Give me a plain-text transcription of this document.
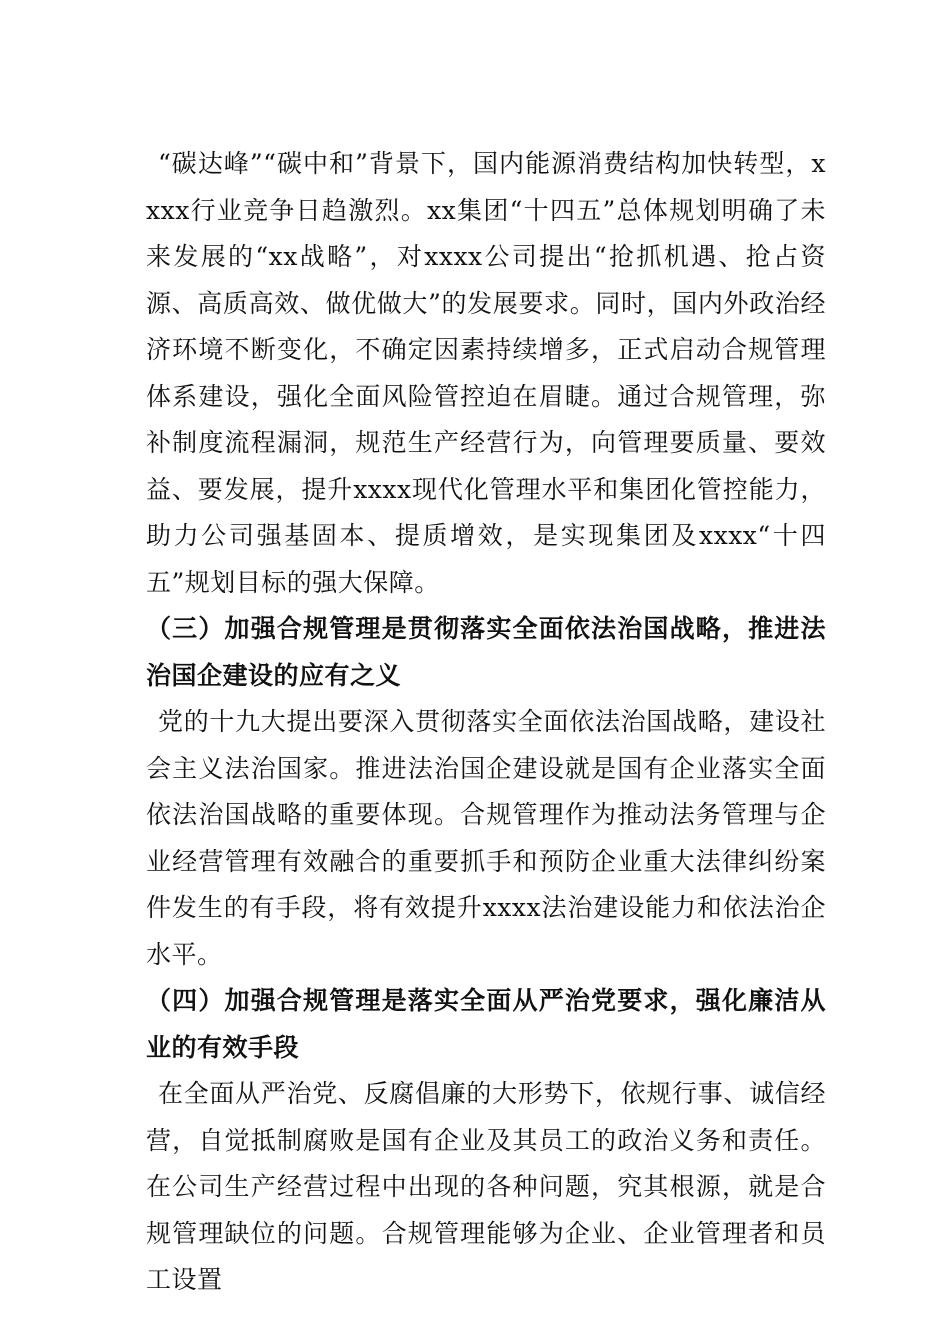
“碳达峰”“碳中和”背景下，国内能源消费结构加快转型，xxxx行业竞争日趋激烈。xx集团“十四五”总体规划明确了未来发展的“xx战略”，对xxxx公司提出“抢抓机遇、抢占资源、高质高效、做优做大”的发展要求。同时，国内外政治经济环境不断变化，不确定因素持续增多，正式启动合规管理体系建设，强化全面风险管控迫在眉睫。通过合规管理，弥补制度流程漏洞，规范生产经营行为，向管理要质量、要效益、要发展，提升xxxx现代化管理水平和集团化管控能力，助力公司强基固本、提质增效，是实现集团及xxxx“十四五”规划目标的强大保障。

（三）加强合规管理是贯彻落实全面依法治国战略，推进法治国企建设的应有之义

党的十九大提出要深入贯彻落实全面依法治国战略，建设社会主义法治国家。推进法治国企建设就是国有企业落实全面依法治国战略的重要体现。合规管理作为推动法务管理与企业经营管理有效融合的重要抓手和预防企业重大法律纠纷案件发生的有手段，将有效提升xxxx法治建设能力和依法治企水平。

（四）加强合规管理是落实全面从严治党要求，强化廉洁从业的有效手段

在全面从严治党、反腐倡廉的大形势下，依规行事、诚信经营，自觉抵制腐败是国有企业及其员工的政治义务和责任。在公司生产经营过程中出现的各种问题，究其根源，就是合规管理缺位的问题。合规管理能够为企业、企业管理者和员工设置
